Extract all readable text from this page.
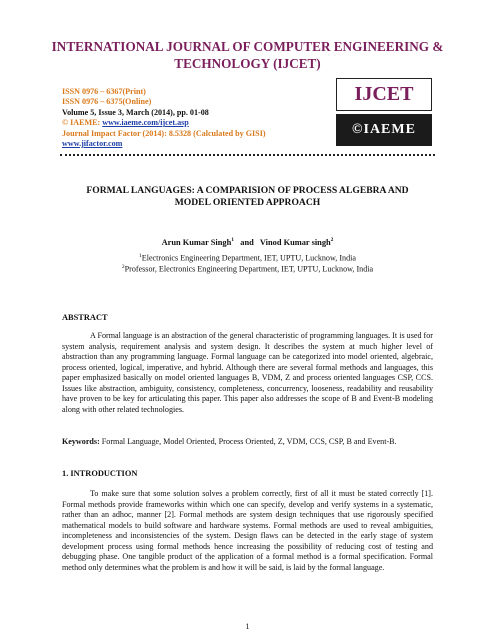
INTERNATIONAL JOURNAL OF COMPUTER ENGINEERING &
TECHNOLOGY (IJCET)
ISSN 0976 – 6367(Print)
ISSN 0976 – 6375(Online)
Volume 5, Issue 3, March (2014), pp. 01-08
© IAEME: www.iaeme.com/ijcet.asp
Journal Impact Factor (2014): 8.5328 (Calculated by GISI)
www.jifactor.com
IJCET
©IAEME
FORMAL LANGUAGES: A COMPARISION OF PROCESS ALGEBRA AND
MODEL ORIENTED APPROACH
Arun Kumar Singh$^1$ and Vinod Kumar singh$^2$
$^1$Electronics Engineering Department, IET, UPTU, Lucknow, India
$^2$Professor, Electronics Engineering Department, IET, UPTU, Lucknow, India
ABSTRACT
A Formal language is an abstraction of the general characteristic of programming languages. It is used for system analysis, requirement analysis and system design. It describes the system at much higher level of abstraction than any programming language. Formal language can be categorized into model oriented, algebraic, process oriented, logical, imperative, and hybrid. Although there are several formal methods and languages, this paper emphasized basically on model oriented languages B, VDM, Z and process oriented languages CSP, CCS. Issues like abstraction, ambiguity, consistency, completeness, concurrency, looseness, readability and reusability have proven to be key for articulating this paper. This paper also addresses the scope of B and Event-B modeling along with other related technologies.
Keywords: Formal Language, Model Oriented, Process Oriented, Z, VDM, CCS, CSP, B and Event-B.
1. INTRODUCTION
To make sure that some solution solves a problem correctly, first of all it must be stated correctly [1]. Formal methods provide frameworks within which one can specify, develop and verify systems in a systematic, rather than an adhoc, manner [2]. Formal methods are system design techniques that use rigorously specified mathematical models to build software and hardware systems. Formal methods are used to reveal ambiguities, incompleteness and inconsistencies of the system. Design flaws can be detected in the early stage of system development process using formal methods hence increasing the possibility of reducing cost of testing and debugging phase. One tangible product of the application of a formal method is a formal specification. Formal method only determines what the problem is and how it will be said, is laid by the formal language.
1
